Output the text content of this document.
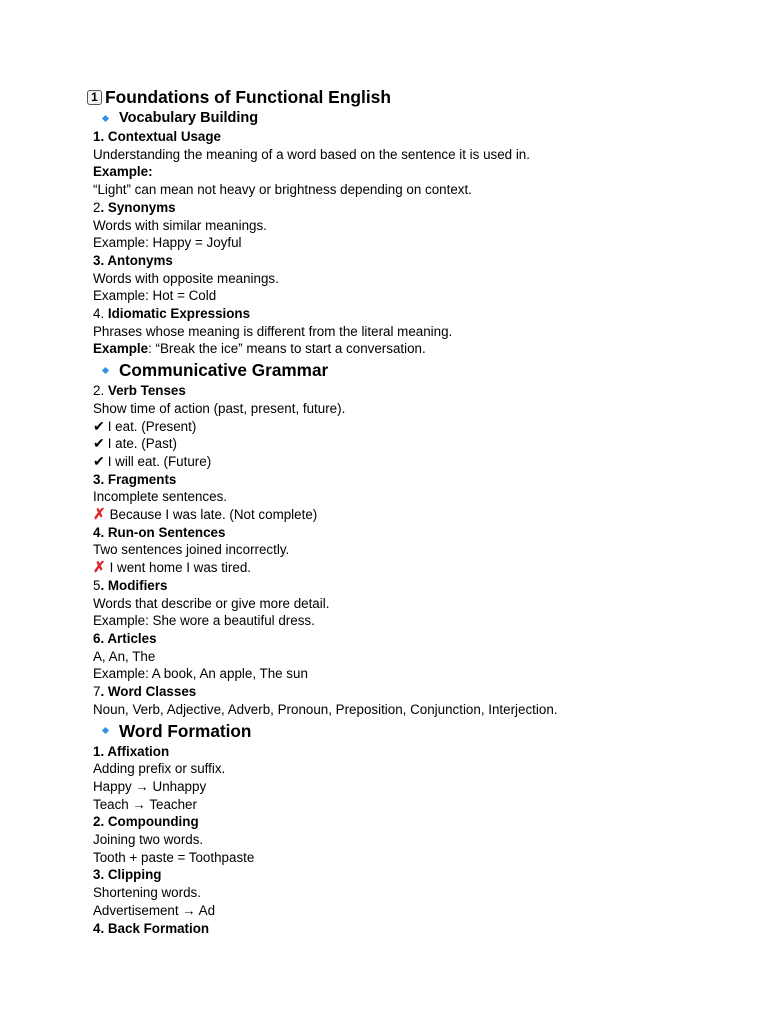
1 Foundations of Functional English
Vocabulary Building
1. Contextual Usage
Understanding the meaning of a word based on the sentence it is used in.
Example:
“Light” can mean not heavy or brightness depending on context.
2. Synonyms
Words with similar meanings.
Example: Happy = Joyful
3. Antonyms
Words with opposite meanings.
Example: Hot = Cold
4. Idiomatic Expressions
Phrases whose meaning is different from the literal meaning.
Example: “Break the ice” means to start a conversation.
Communicative Grammar
2. Verb Tenses
Show time of action (past, present, future).
✔ I eat. (Present)
✔ I ate. (Past)
✔ I will eat. (Future)
3. Fragments
Incomplete sentences.
✗ Because I was late. (Not complete)
4. Run-on Sentences
Two sentences joined incorrectly.
✗ I went home I was tired.
5. Modifiers
Words that describe or give more detail.
Example: She wore a beautiful dress.
6. Articles
A, An, The
Example: A book, An apple, The sun
7. Word Classes
Noun, Verb, Adjective, Adverb, Pronoun, Preposition, Conjunction, Interjection.
Word Formation
1. Affixation
Adding prefix or suffix.
Happy → Unhappy
Teach → Teacher
2. Compounding
Joining two words.
Tooth + paste = Toothpaste
3. Clipping
Shortening words.
Advertisement → Ad
4. Back Formation
